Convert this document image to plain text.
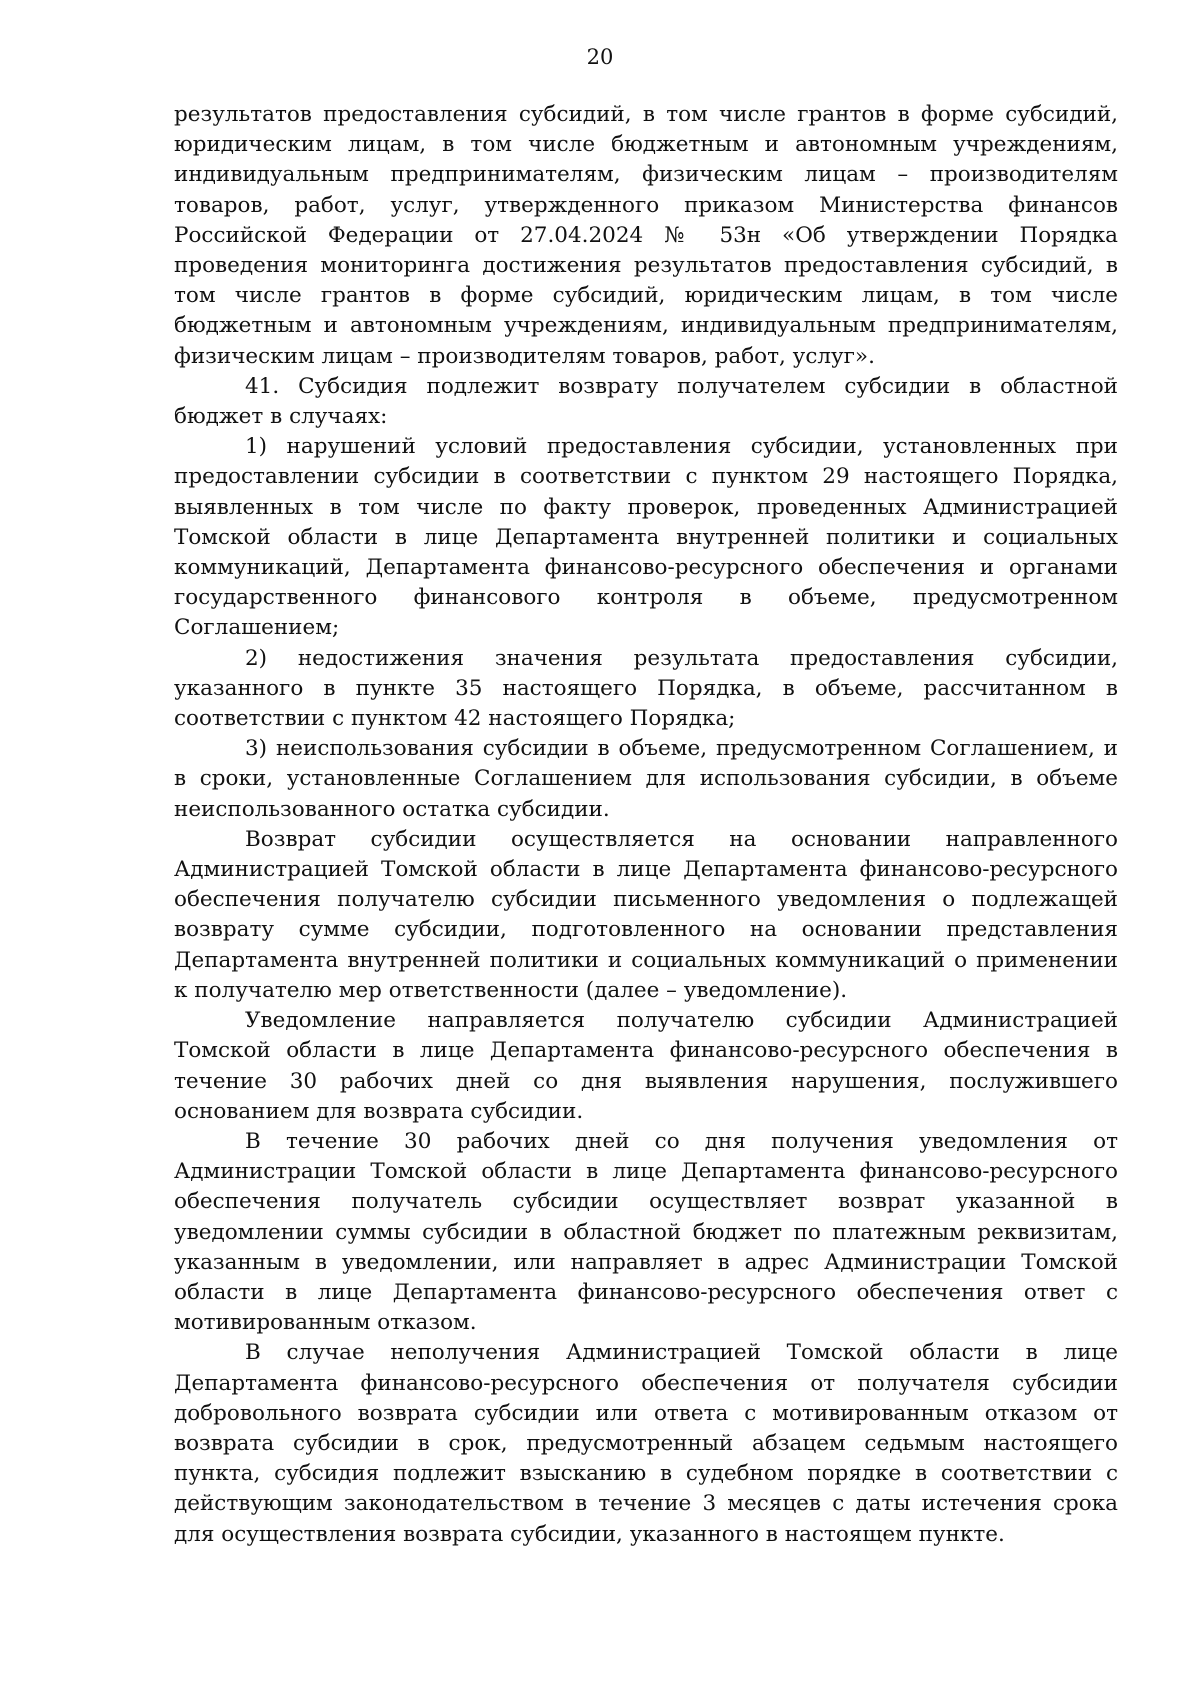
20

результатов предоставления субсидий, в том числе грантов в форме субсидий, юридическим лицам, в том числе бюджетным и автономным учреждениям, индивидуальным предпринимателям, физическим лицам – производителям товаров, работ, услуг, утвержденного приказом Министерства финансов Российской Федерации от 27.04.2024 № 53н «Об утверждении Порядка проведения мониторинга достижения результатов предоставления субсидий, в том числе грантов в форме субсидий, юридическим лицам, в том числе бюджетным и автономным учреждениям, индивидуальным предпринимателям, физическим лицам – производителям товаров, работ, услуг».

41. Субсидия подлежит возврату получателем субсидии в областной бюджет в случаях:

1) нарушений условий предоставления субсидии, установленных при предоставлении субсидии в соответствии с пунктом 29 настоящего Порядка, выявленных в том числе по факту проверок, проведенных Администрацией Томской области в лице Департамента внутренней политики и социальных коммуникаций, Департамента финансово-ресурсного обеспечения и органами государственного финансового контроля в объеме, предусмотренном Соглашением;

2) недостижения значения результата предоставления субсидии, указанного в пункте 35 настоящего Порядка, в объеме, рассчитанном в соответствии с пунктом 42 настоящего Порядка;

3) неиспользования субсидии в объеме, предусмотренном Соглашением, и в сроки, установленные Соглашением для использования субсидии, в объеме неиспользованного остатка субсидии.

Возврат субсидии осуществляется на основании направленного Администрацией Томской области в лице Департамента финансово-ресурсного обеспечения получателю субсидии письменного уведомления о подлежащей возврату сумме субсидии, подготовленного на основании представления Департамента внутренней политики и социальных коммуникаций о применении к получателю мер ответственности (далее – уведомление).

Уведомление направляется получателю субсидии Администрацией Томской области в лице Департамента финансово-ресурсного обеспечения в течение 30 рабочих дней со дня выявления нарушения, послужившего основанием для возврата субсидии.

В течение 30 рабочих дней со дня получения уведомления от Администрации Томской области в лице Департамента финансово-ресурсного обеспечения получатель субсидии осуществляет возврат указанной в уведомлении суммы субсидии в областной бюджет по платежным реквизитам, указанным в уведомлении, или направляет в адрес Администрации Томской области в лице Департамента финансово-ресурсного обеспечения ответ с мотивированным отказом.

В случае неполучения Администрацией Томской области в лице Департамента финансово-ресурсного обеспечения от получателя субсидии добровольного возврата субсидии или ответа с мотивированным отказом от возврата субсидии в срок, предусмотренный абзацем седьмым настоящего пункта, субсидия подлежит взысканию в судебном порядке в соответствии с действующим законодательством в течение 3 месяцев с даты истечения срока для осуществления возврата субсидии, указанного в настоящем пункте.
